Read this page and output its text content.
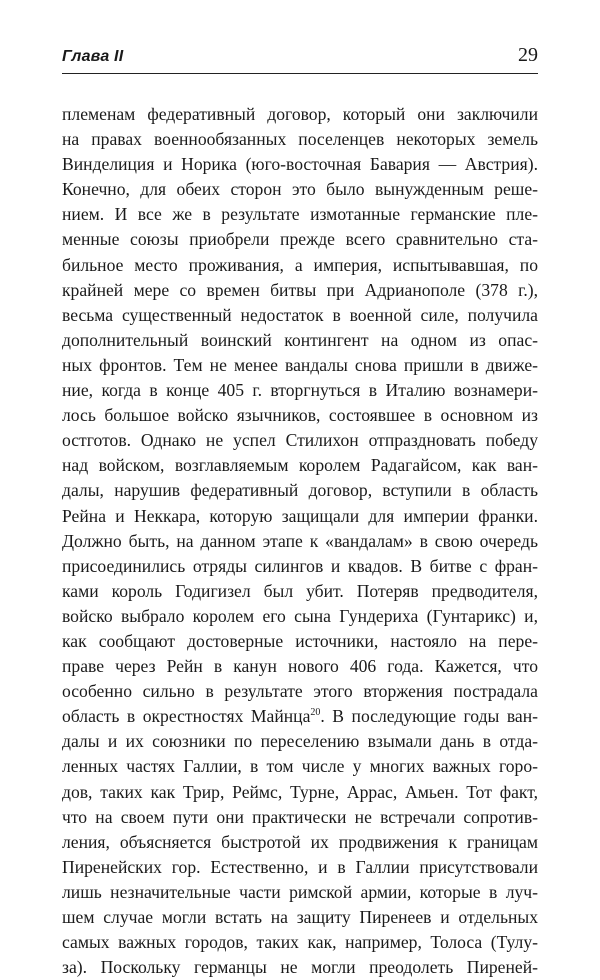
Глава II	29
племенам федеративный договор, который они заключили
на правах военнообязанных поселенцев некоторых земель
Винделиция и Норика (юго-восточная Бавария — Австрия).
Конечно, для обеих сторон это было вынужденным реше-
нием. И все же в результате измотанные германские пле-
менные союзы приобрели прежде всего сравнительно ста-
бильное место проживания, а империя, испытывавшая, по
крайней мере со времен битвы при Адрианополе (378 г.),
весьма существенный недостаток в военной силе, получила
дополнительный воинский контингент на одном из опас-
ных фронтов. Тем не менее вандалы снова пришли в движе-
ние, когда в конце 405 г. вторгнуться в Италию вознамери-
лось большое войско язычников, состоявшее в основном из
остготов. Однако не успел Стилихон отпраздновать победу
над войском, возглавляемым королем Радагайсом, как ван-
далы, нарушив федеративный договор, вступили в область
Рейна и Неккара, которую защищали для империи франки.
Должно быть, на данном этапе к «вандалам» в свою очередь
присоединились отряды силингов и квадов. В битве с фран-
ками король Годигизел был убит. Потеряв предводителя,
войско выбрало королем его сына Гундериха (Гунтарикс) и,
как сообщают достоверные источники, настояло на пере-
праве через Рейн в канун нового 406 года. Кажется, что
особенно сильно в результате этого вторжения пострадала
область в окрестностях Майнца$^{20}$. В последующие годы ван-
далы и их союзники по переселению взымали дань в отда-
ленных частях Галлии, в том числе у многих важных горо-
дов, таких как Трир, Реймс, Турне, Аррас, Амьен. Тот факт,
что на своем пути они практически не встречали сопротив-
ления, объясняется быстротой их продвижения к границам
Пиренейских гор. Естественно, и в Галлии присутствовали
лишь незначительные части римской армии, которые в луч-
шем случае могли встать на защиту Пиренеев и отдельных
самых важных городов, таких как, например, Толоса (Тулу-
за). Поскольку германцы не могли преодолеть Пиреней-
